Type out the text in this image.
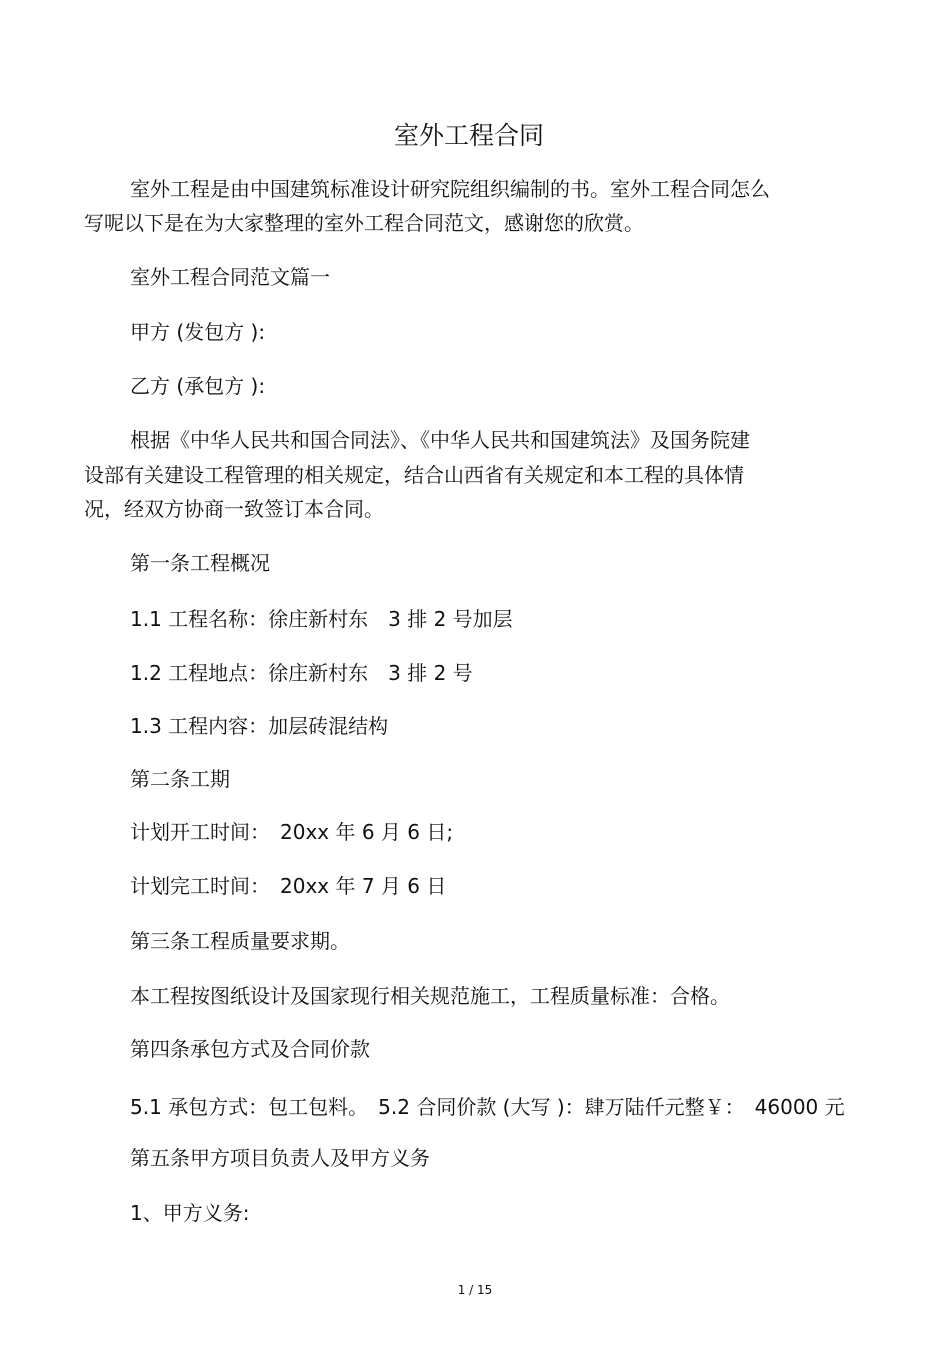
室外工程合同
室外工程是由中国建筑标准设计研究院组织编制的书。室外工程合同怎么
写呢以下是在为大家整理的室外工程合同范文，感谢您的欣赏。
室外工程合同范文篇一
甲方 (发包方 ):
乙方 (承包方 ):
根据《中华人民共和国合同法》、《中华人民共和国建筑法》及国务院建
设部有关建设工程管理的相关规定，结合山西省有关规定和本工程的具体情
况，经双方协商一致签订本合同。
第一条工程概况
1.1 工程名称：徐庄新村东　3 排 2 号加层
1.2 工程地点：徐庄新村东　3 排 2 号
1.3 工程内容：加层砖混结构
第二条工期
计划开工时间：　20xx 年 6 月 6 日;
计划完工时间：　20xx 年 7 月 6 日
第三条工程质量要求期。
本工程按图纸设计及国家现行相关规范施工，工程质量标准：合格。
第四条承包方式及合同价款
5.1 承包方式：包工包料。　5.2 合同价款 (大写 )：肆万陆仟元整￥：　46000 元
第五条甲方项目负责人及甲方义务
1、甲方义务:
1 / 15
